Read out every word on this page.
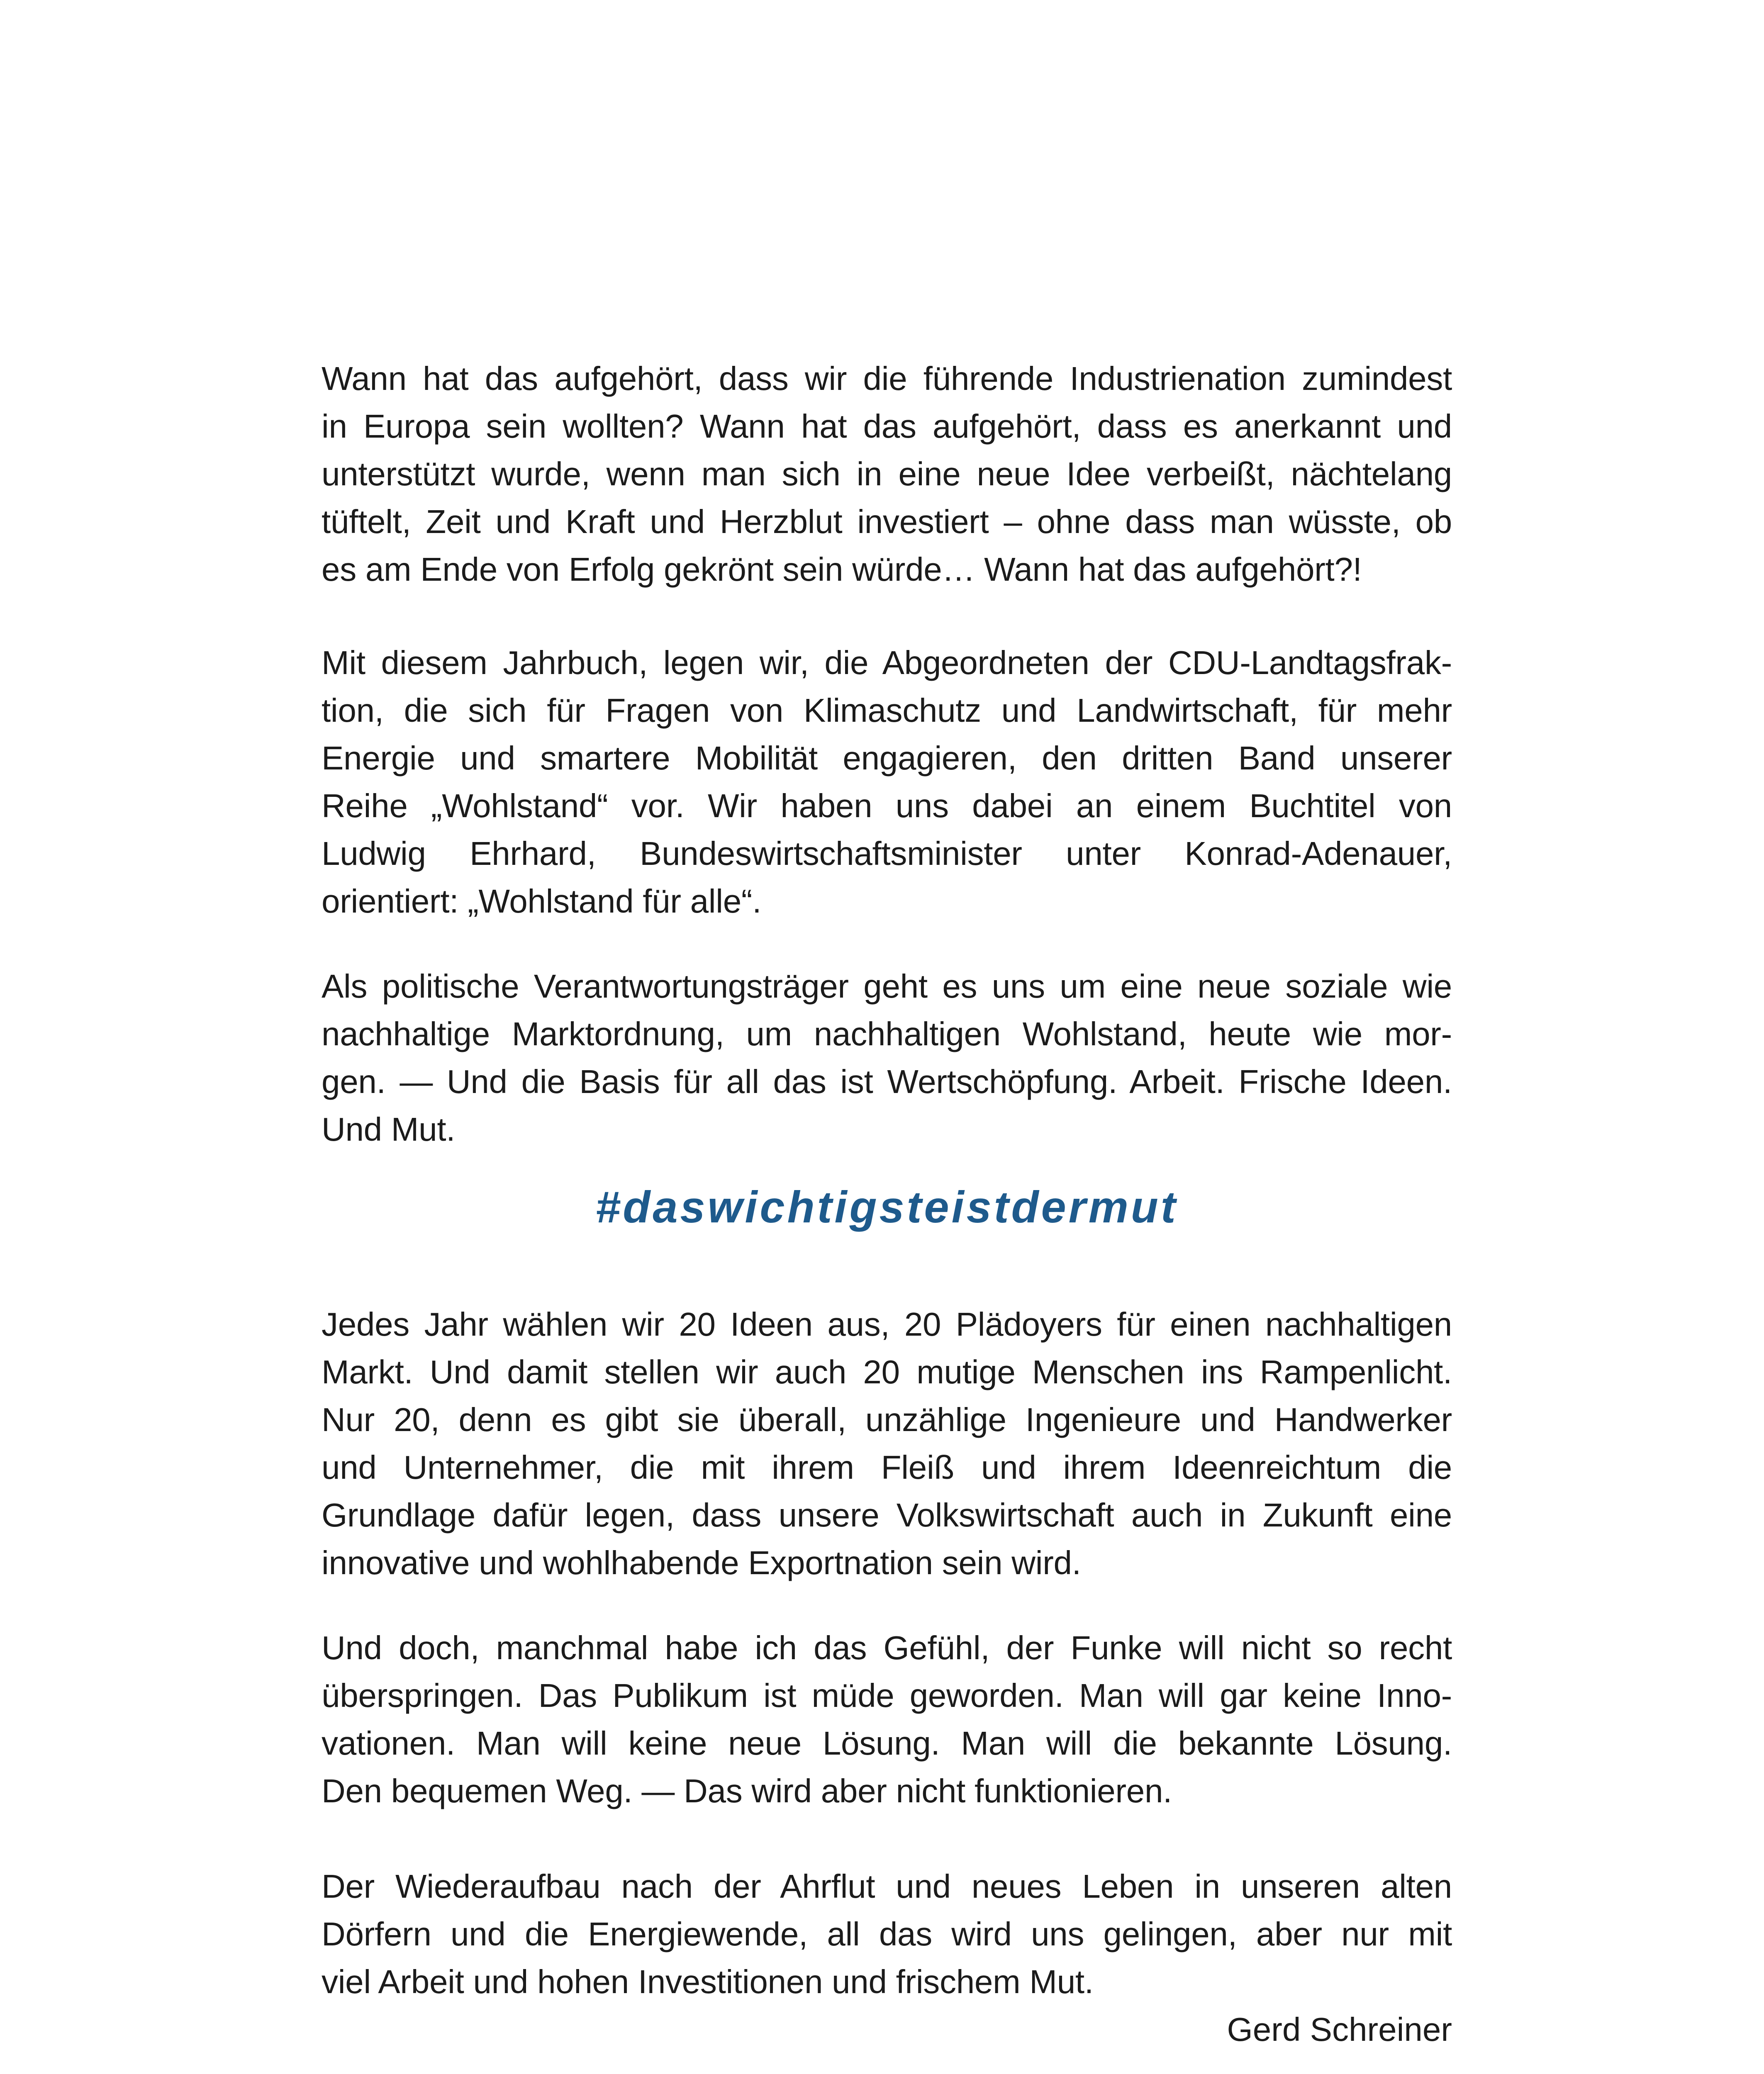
Wann hat das aufgehört, dass wir die führende Industrienation zumindest
in Europa sein wollten? Wann hat das aufgehört, dass es anerkannt und
unterstützt wurde, wenn man sich in eine neue Idee verbeißt, nächtelang
tüftelt, Zeit und Kraft und Herzblut investiert – ohne dass man wüsste, ob
es am Ende von Erfolg gekrönt sein würde… Wann hat das aufgehört?!

Mit diesem Jahrbuch, legen wir, die Abgeordneten der CDU-Landtagsfrak-
tion, die sich für Fragen von Klimaschutz und Landwirtschaft, für mehr
Energie und smartere Mobilität engagieren, den dritten Band unserer
Reihe „Wohlstand“ vor. Wir haben uns dabei an einem Buchtitel von
Ludwig Ehrhard, Bundeswirtschaftsminister unter Konrad-Adenauer,
orientiert: „Wohlstand für alle“.

Als politische Verantwortungsträger geht es uns um eine neue soziale wie
nachhaltige Marktordnung, um nachhaltigen Wohlstand, heute wie mor-
gen. — Und die Basis für all das ist Wertschöpfung. Arbeit. Frische Ideen.
Und Mut.

#daswichtigsteistdermut

Jedes Jahr wählen wir 20 Ideen aus, 20 Plädoyers für einen nachhaltigen
Markt. Und damit stellen wir auch 20 mutige Menschen ins Rampenlicht.
Nur 20, denn es gibt sie überall, unzählige Ingenieure und Handwerker
und Unternehmer, die mit ihrem Fleiß und ihrem Ideenreichtum die
Grundlage dafür legen, dass unsere Volkswirtschaft auch in Zukunft eine
innovative und wohlhabende Exportnation sein wird.

Und doch, manchmal habe ich das Gefühl, der Funke will nicht so recht
überspringen. Das Publikum ist müde geworden. Man will gar keine Inno-
vationen. Man will keine neue Lösung. Man will die bekannte Lösung.
Den bequemen Weg. — Das wird aber nicht funktionieren.

Der Wiederaufbau nach der Ahrflut und neues Leben in unseren alten
Dörfern und die Energiewende, all das wird uns gelingen, aber nur mit
viel Arbeit und hohen Investitionen und frischem Mut.

Gerd Schreiner
